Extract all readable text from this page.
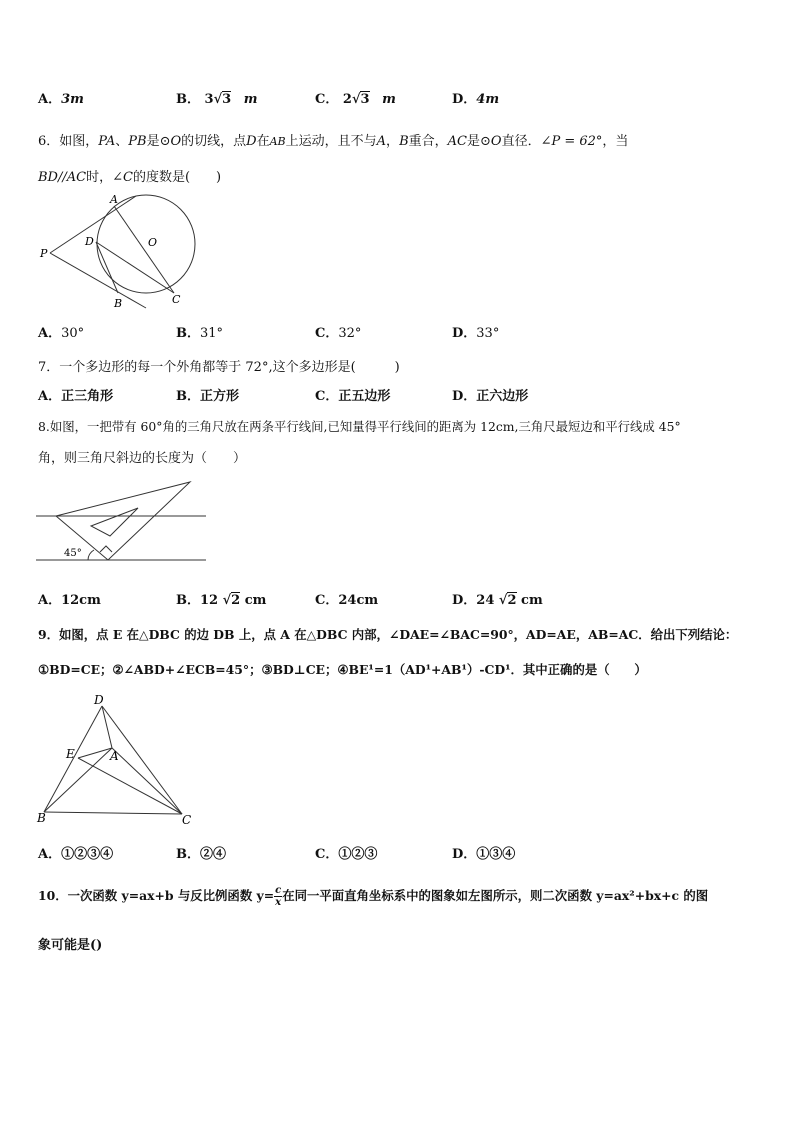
A．3m	B． 3√3 m	C． 2√3 m	D．4m
6．如图，PA、PB是⊙O的切线，点D在AB上运动，且不与A，B重合，AC是⊙O直径．∠P = 62°，当
BD//AC时，∠C的度数是(　　)
A
O
D
P
B	C
A．30°	B．31°	C．32°	D．33°
7．一个多边形的每一个外角都等于 72°,这个多边形是(　　　)
A．正三角形	B．正方形	C．正五边形	D．正六边形
8.如图，一把带有 60°角的三角尺放在两条平行线间,已知量得平行线间的距离为 12cm,三角尺最短边和平行线成 45°
角，则三角尺斜边的长度为（　　）
45°
A．12cm	B．12 √2 cm	C．24cm	D．24 √2 cm
9．如图，点 E 在△DBC 的边 DB 上，点 A 在△DBC 内部，∠DAE=∠BAC=90°，AD=AE，AB=AC．给出下列结论：
①BD=CE；②∠ABD+∠ECB=45°；③BD⊥CE；④BE¹=1（AD¹+AB¹）-CD¹．其中正确的是（　　）
D
E	A
B	C
A．①②③④	B．②④	C．①②③	D．①③④
10．一次函数 y=ax+b 与反比例函数 $y= \frac{c}{x}$ 在同一平面直角坐标系中的图象如左图所示，则二次函数 y=ax²+bx+c 的图
象可能是()
